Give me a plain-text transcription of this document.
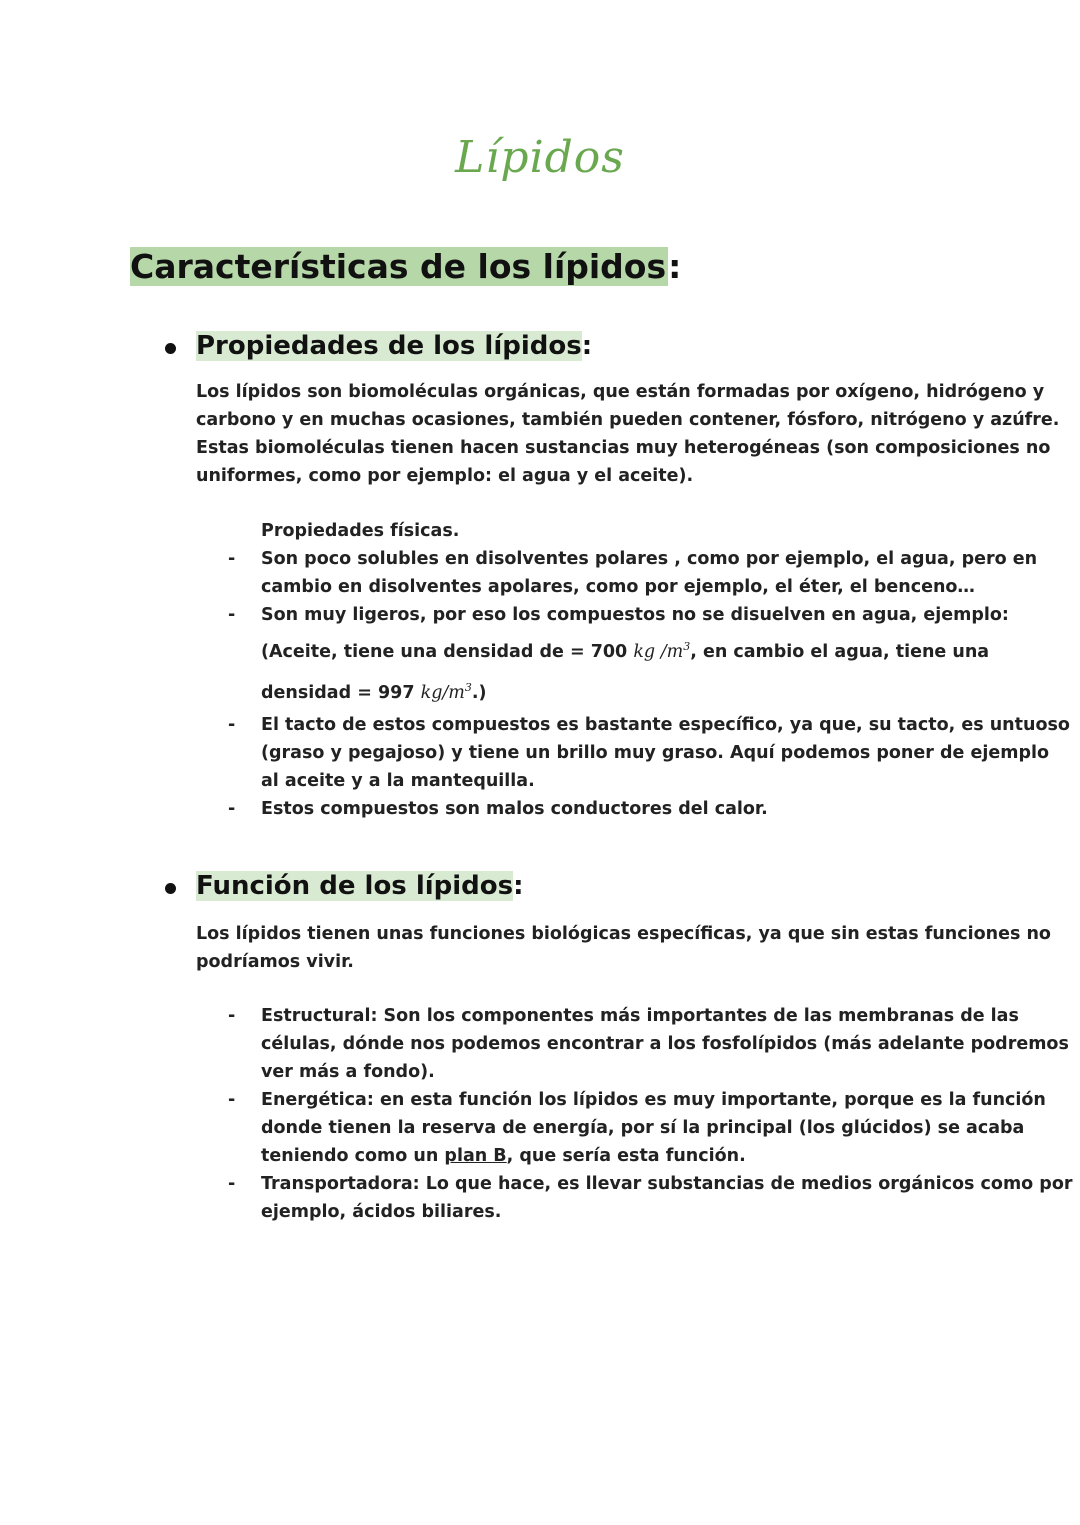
Lípidos
Características de los lípidos:
Propiedades de los lípidos:

Los lípidos son biomoléculas orgánicas, que están formadas por oxígeno, hidrógeno y

carbono y en muchas ocasiones, también pueden contener, fósforo, nitrógeno y azúfre.

Estas biomoléculas tienen hacen sustancias muy heterogéneas (son composiciones no

uniformes, como por ejemplo: el agua y el aceite).

Propiedades físicas.
- Son poco solubles en disolventes polares , como por ejemplo, el agua, pero en

cambio en disolventes apolares, como por ejemplo, el éter, el benceno…

- Son muy ligeros, por eso los compuestos no se disuelven en agua, ejemplo:

(Aceite, tiene una densidad de = 700 kg $/m^3$, en cambio el agua, tiene una

densidad = 997 $kg/m^3$.)

- El tacto de estos compuestos es bastante específico, ya que, su tacto, es untuoso

(graso y pegajoso) y tiene un brillo muy graso. Aquí podemos poner de ejemplo

al aceite y a la mantequilla.

- Estos compuestos son malos conductores del calor.

Función de los lípidos:

Los lípidos tienen unas funciones biológicas específicas, ya que sin estas funciones no

podríamos vivir.

- Estructural: Son los componentes más importantes de las membranas de las

células, dónde nos podemos encontrar a los fosfolípidos (más adelante podremos

ver más a fondo).

- Energética: en esta función los lípidos es muy importante, porque es la función

donde tienen la reserva de energía, por sí la principal (los glúcidos) se acaba

teniendo como un plan B, que sería esta función.

- Transportadora: Lo que hace, es llevar substancias de medios orgánicos como por

ejemplo, ácidos biliares.
